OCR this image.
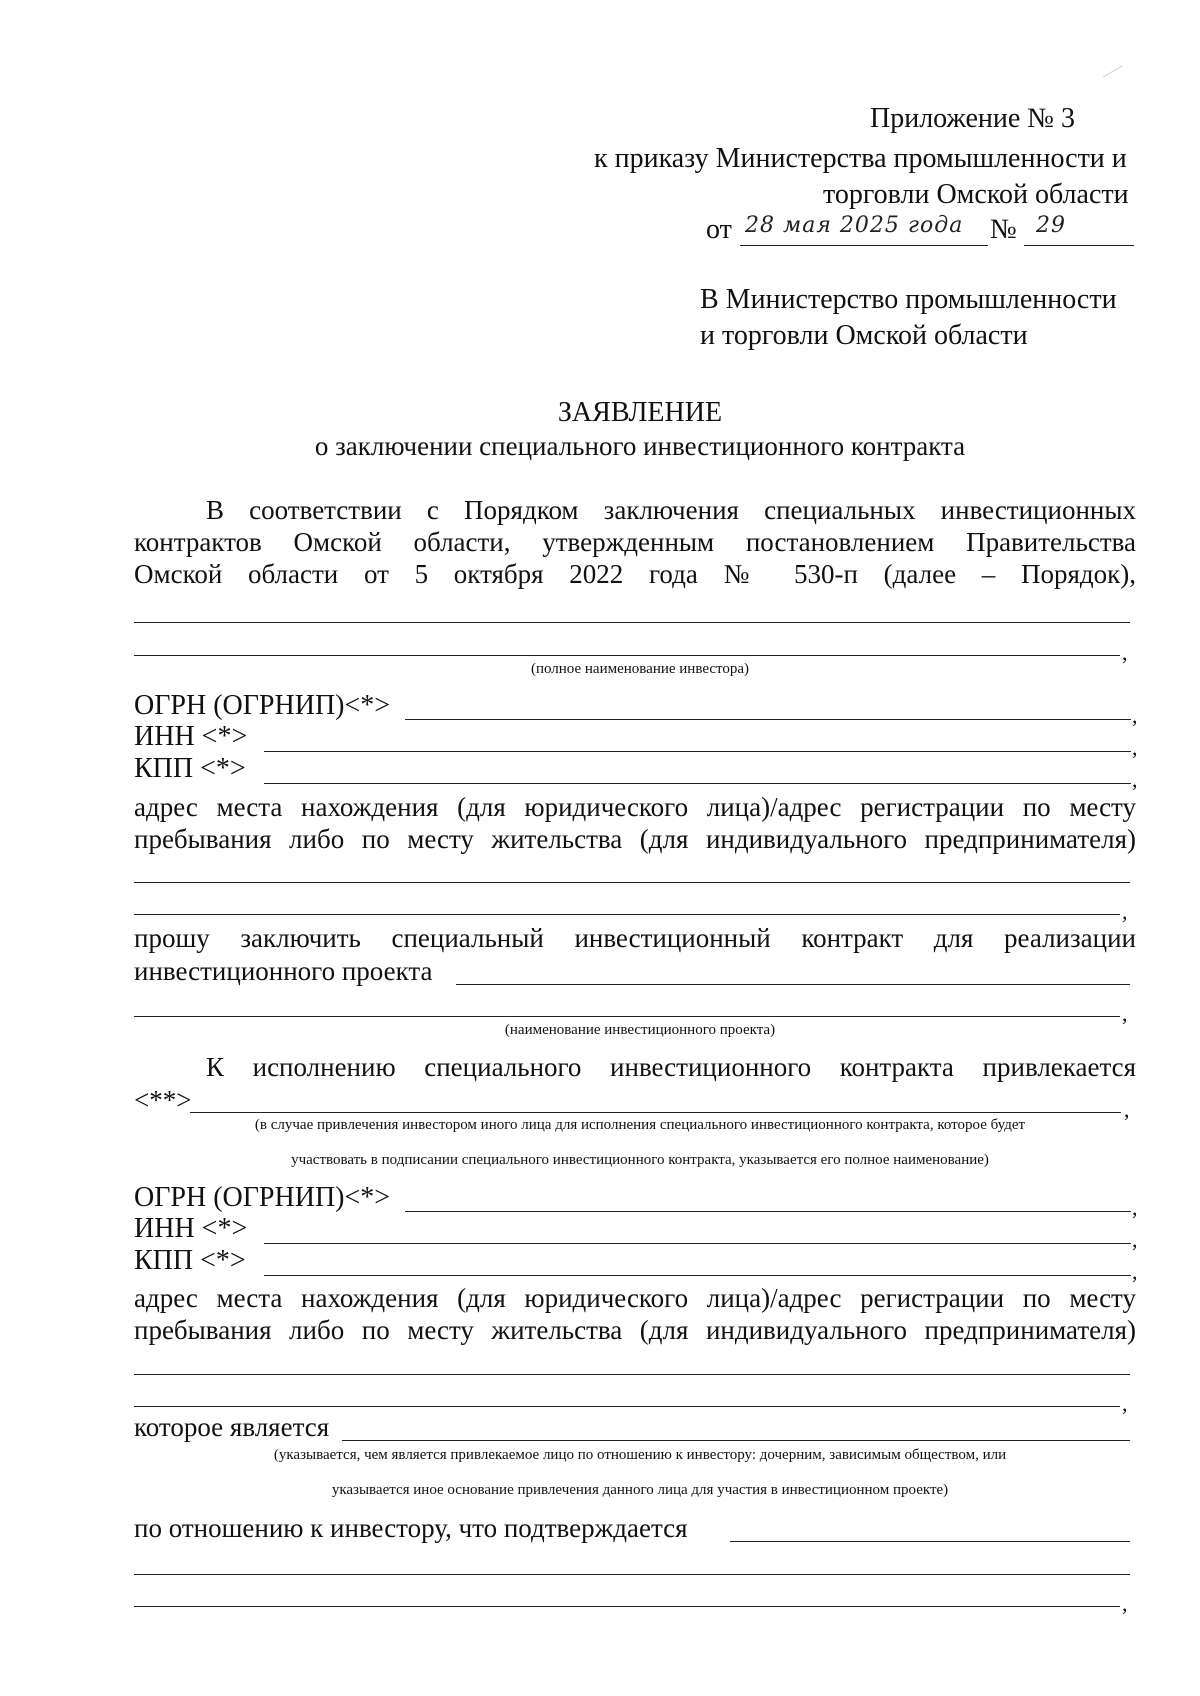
Приложение № 3
к приказу Министерства промышленности и
торговли Омской области
от 28 мая 2025 года № 29
В Министерство промышленности
и торговли Омской области
ЗАЯВЛЕНИЕ
о заключении специального инвестиционного контракта
В соответствии с Порядком заключения специальных инвестиционных
контрактов Омской области, утвержденным постановлением Правительства
Омской области от 5 октября 2022 года № 530-п (далее – Порядок),
,
(полное наименование инвестора)
ОГРН (ОГРНИП)<*>	,
ИНН <*>	,
КПП <*>	,
адрес места нахождения (для юридического лица)/адрес регистрации по месту
пребывания либо по месту жительства (для индивидуального предпринимателя)
,
прошу заключить специальный инвестиционный контракт для реализации
инвестиционного проекта
,
(наименование инвестиционного проекта)
К исполнению специального инвестиционного контракта привлекается
<**>	,
(в случае привлечения инвестором иного лица для исполнения специального инвестиционного контракта, которое будет
участвовать в подписании специального инвестиционного контракта, указывается его полное наименование)
ОГРН (ОГРНИП)<*>	,
ИНН <*>	,
КПП <*>	,
адрес места нахождения (для юридического лица)/адрес регистрации по месту
пребывания либо по месту жительства (для индивидуального предпринимателя)
,
которое является
(указывается, чем является привлекаемое лицо по отношению к инвестору: дочерним, зависимым обществом, или
указывается иное основание привлечения данного лица для участия в инвестиционном проекте)
по отношению к инвестору, что подтверждается
,
